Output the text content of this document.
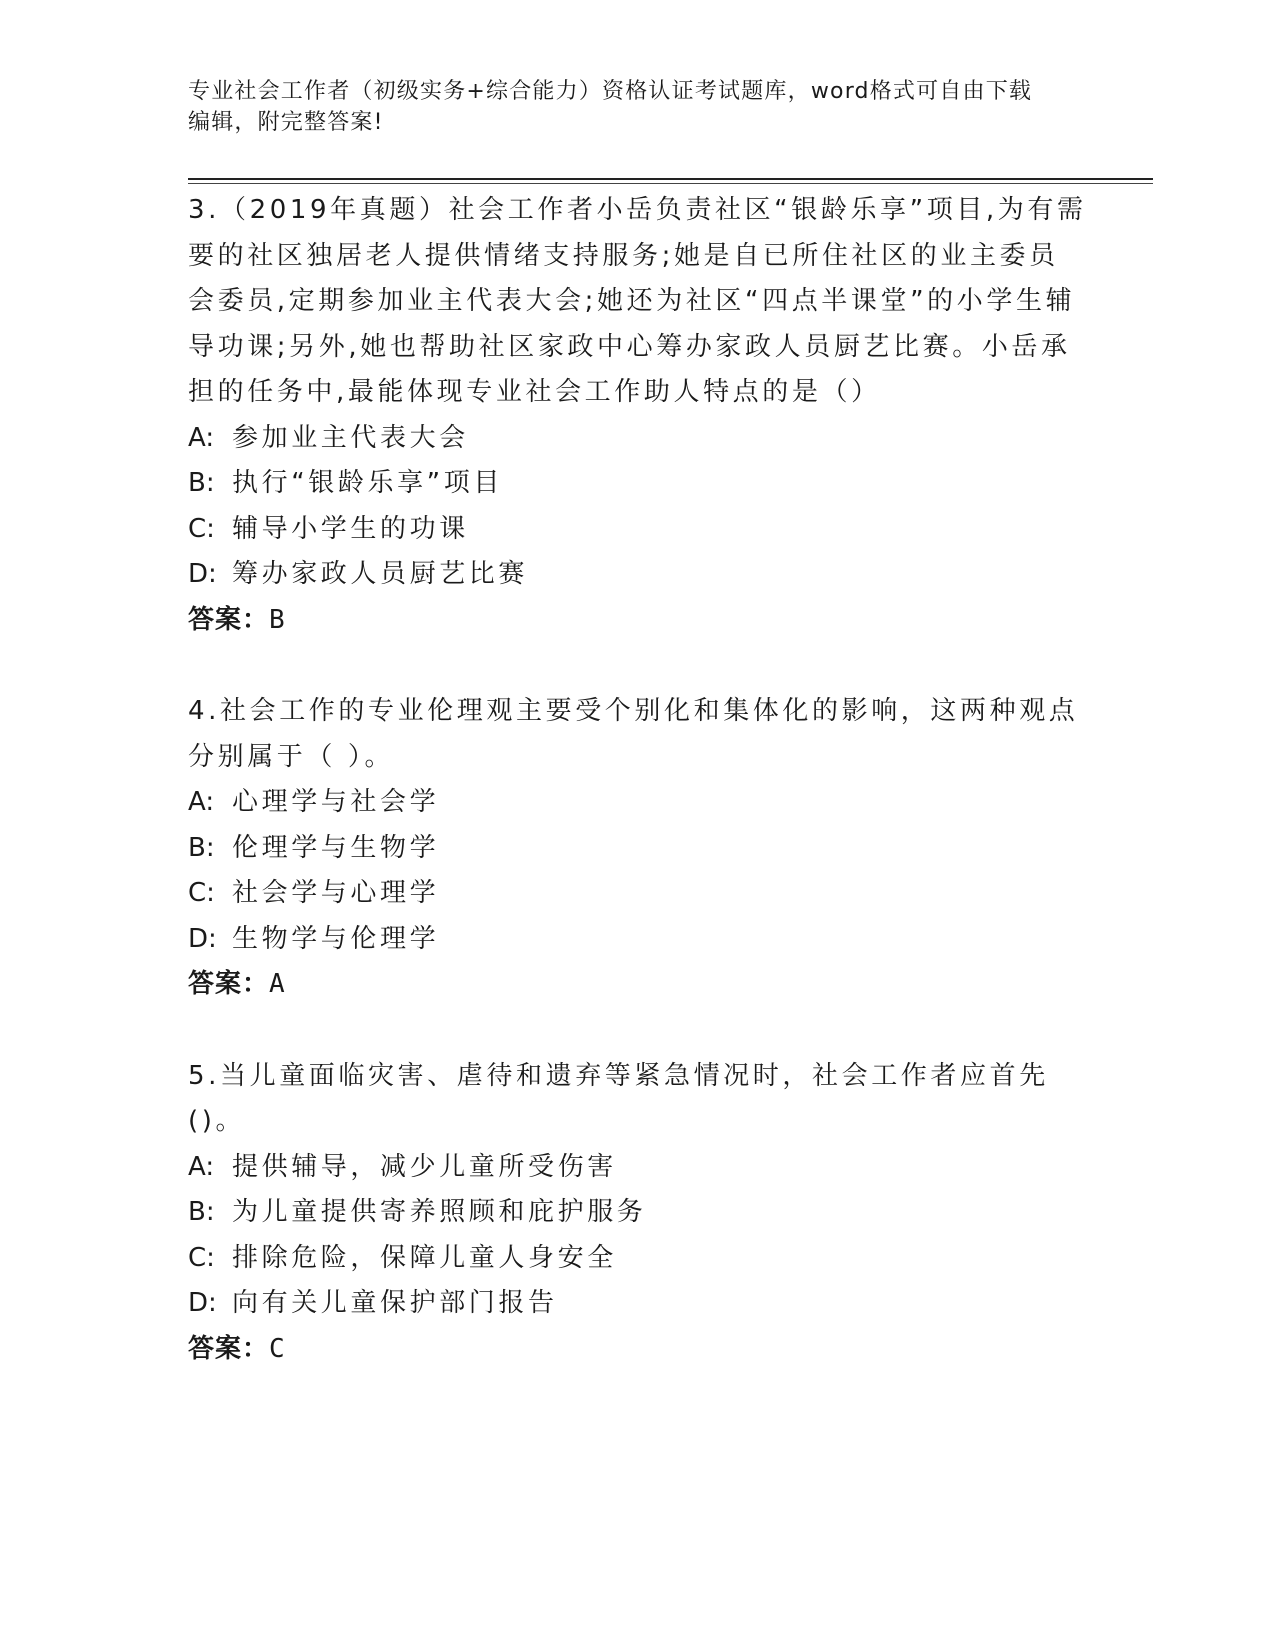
专业社会工作者（初级实务+综合能力）资格认证考试题库，word格式可自由下载
编辑，附完整答案!
3.（2019年真题）社会工作者小岳负责社区“银龄乐享”项目,为有需要的社区独居老人提供情绪支持服务;她是自已所住社区的业主委员会委员,定期参加业主代表大会;她还为社区“四点半课堂”的小学生辅导功课;另外,她也帮助社区家政中心筹办家政人员厨艺比赛。小岳承担的任务中,最能体现专业社会工作助人特点的是（）
A: 参加业主代表大会
B: 执行“银龄乐享”项目
C: 辅导小学生的功课
D: 筹办家政人员厨艺比赛
答案：B
4.社会工作的专业伦理观主要受个别化和集体化的影响，这两种观点分别属于（ ）。
A: 心理学与社会学
B: 伦理学与生物学
C: 社会学与心理学
D: 生物学与伦理学
答案：A
5.当儿童面临灾害、虐待和遗弃等紧急情况时，社会工作者应首先()。
A: 提供辅导，减少儿童所受伤害
B: 为儿童提供寄养照顾和庇护服务
C: 排除危险，保障儿童人身安全
D: 向有关儿童保护部门报告
答案：C
